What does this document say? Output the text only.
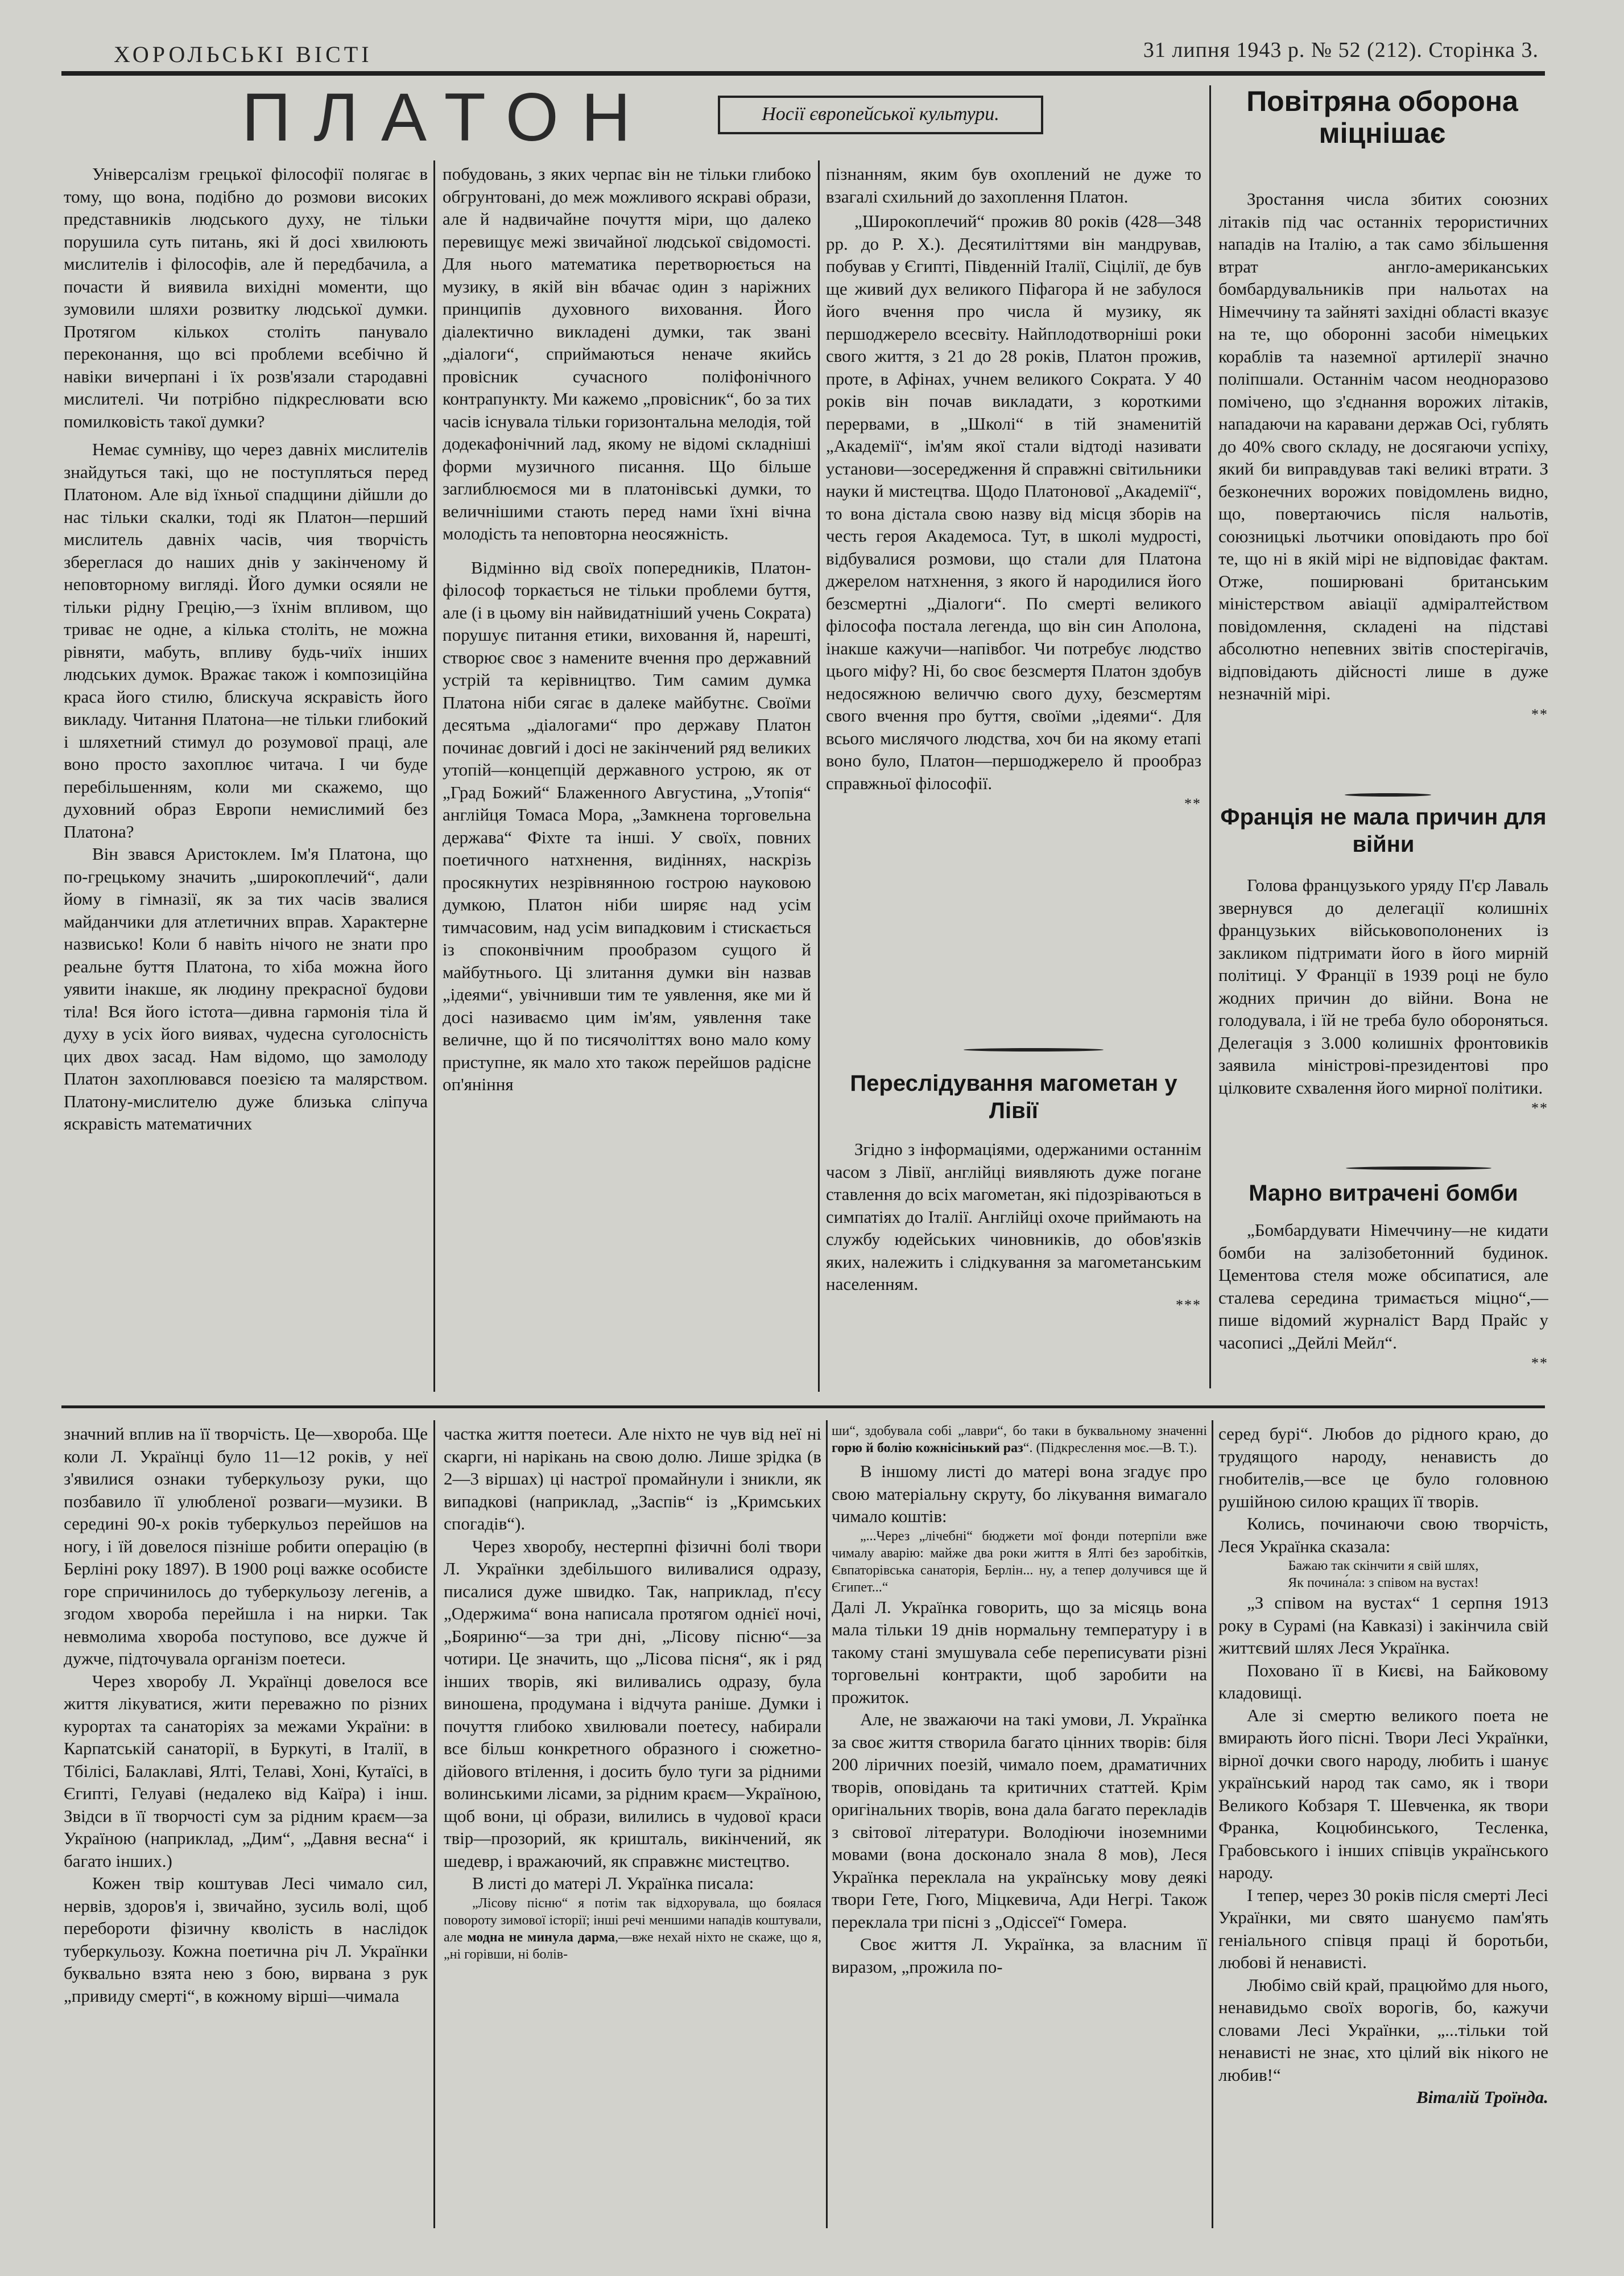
ХОРОЛЬСЬКІ ВІСТІ	31 липня 1943 р. № 52 (212). Сторінка 3.
ПЛАТОН	Носії європейської культури.

Універсалізм грецької філософії полягає в тому, що вона, подібно до розмови високих представників людського духу, не тільки порушила суть питань, які й досі хвилюють мислителів і філософів, але й передбачила, а почасти й виявила вихідні моменти, що зумовили шляхи розвитку людської думки. Протягом кількох століть панувало переконання, що всі проблеми всебічно й навіки вичерпані і їх розв'язали стародавні мислителі. Чи потрібно підкреслювати всю помилковість такої думки?

Немає сумніву, що через давніх мислителів знайдуться такі, що не поступляться перед Платоном. Але від їхньої спадщини дійшли до нас тільки скалки, тоді як Платон—перший мислитель давніх часів, чия творчість збереглася до наших днів у закінченому й неповторному вигляді. Його думки осяяли не тільки рідну Грецію,—з їхнім впливом, що триває не одне, а кілька століть, не можна рівняти, мабуть, впливу будь-чиїх інших людських думок. Вражає також і композиційна краса його стилю, блискуча яскравість його викладу. Читання Платона—не тільки глибокий і шляхетний стимул до розумової праці, але воно просто захоплює читача. І чи буде перебільшенням, коли ми скажемо, що духовний образ Европи немислимий без Платона?

Він звався Аристоклем. Ім'я Платона, що по-грецькому значить „широкоплечий“, дали йому в гімназії, як за тих часів звалися майданчики для атлетичних вправ. Характерне назвисько! Коли б навіть нічого не знати про реальне буття Платона, то хіба можна його уявити інакше, як людину прекрасної будови тіла! Вся його істота—дивна гармонія тіла й духу в усіх його виявах, чудесна суголосність цих двох засад. Нам відомо, що замолоду Платон захоплювався поезією та малярством. Платону-мислителю дуже близька сліпуча яскравість математичних

побудовань, з яких черпає він не тільки глибоко обгрунтовані, до меж можливого яскраві образи, але й надвичайне почуття міри, що далеко перевищує межі звичайної людської свідомості. Для нього математика перетворюється на музику, в якій він вбачає один з наріжних принципів духовного виховання. Його діалектично викладені думки, так звані „діалоги“, сприймаються неначе якийсь провісник сучасного поліфонічного контрапункту. Ми кажемо „провісник“, бо за тих часів існувала тільки горизонтальна мелодія, той додекафонічний лад, якому не відомі складніші форми музичного писання. Що більше заглиблюємося ми в платонівські думки, то величнішими стають перед нами їхні вічна молодість та неповторна неосяжність.

Відмінно від своїх попередників, Платон-філософ торкається не тільки проблеми буття, але (і в цьому він найвидатніший учень Сократа) порушує питання етики, виховання й, нарешті, створює своє з намените вчення про державний устрій та керівництво. Тим самим думка Платона ніби сягає в далеке майбутнє. Своїми десятьма „діалогами“ про державу Платон починає довгий і досі не закінчений ряд великих утопій—концепцій державного устрою, як от „Град Божий“ Блаженного Августина, „Утопія“ англійця Томаса Мора, „Замкнена торговельна держава“ Фіхте та інші. У своїх, повних поетичного натхнення, видіннях, наскрізь просякнутих незрівнянною гострою науковою думкою, Платон ніби ширяє над усім тимчасовим, над усім випадковим і стискається із споконвічним прообразом сущого й майбутнього. Ці злитання думки він назвав „ідеями“, увічнивши тим те уявлення, яке ми й досі називаємо цим ім'ям, уявлення таке величне, що й по тисячоліттях воно мало кому приступне, як мало хто також перейшов радісне оп'яніння

пізнанням, яким був охоплений не дуже то взагалі схильний до захоплення Платон.

„Широкоплечий“ прожив 80 років (428—348 рр. до Р. Х.). Десятиліттями він мандрував, побував у Єгипті, Південній Італії, Сіцілії, де був ще живий дух великого Піфагора й не забулося його вчення про числа й музику, як першоджерело всесвіту. Найплодотворніші роки свого життя, з 21 до 28 років, Платон прожив, проте, в Афінах, учнем великого Сократа. У 40 років він почав викладати, з короткими перервами, в „Школі“ в тій знаменитій „Академії“, ім'ям якої стали відтоді називати установи—зосередження й справжні світильники науки й мистецтва. Щодо Платонової „Академії“, то вона дістала свою назву від місця зборів на честь героя Академоса. Тут, в школі мудрості, відбувалися розмови, що стали для Платона джерелом натхнення, з якого й народилися його безсмертні „Діалоги“. По смерті великого філософа постала легенда, що він син Аполона, інакше кажучи—напівбог. Чи потребує людство цього міфу? Ні, бо своє безсмертя Платон здобув недосяжною величчю свого духу, безсмертям свого вчення про буття, своїми „ідеями“. Для всього мислячого людства, хоч би на якому етапі воно було, Платон—першоджерело й прообраз справжньої філософії.

**
Переслідування магометан у Лівії

Згідно з інформаціями, одержаними останнім часом з Лівії, англійці виявляють дуже погане ставлення до всіх магометан, які підозріваються в симпатіях до Італії. Англійці охоче приймають на службу юдейських чиновників, до обов'язків яких, належить і слідкування за магометанським населенням.

***
Повітряна оборона міцнішає

Зростання числа збитих союзних літаків під час останніх терористичних нападів на Італію, а так само збільшення втрат англо-американських бомбардувальників при нальотах на Німеччину та зайняті західні області вказує на те, що оборонні засоби німецьких кораблів та наземної артилерії значно поліпшали. Останнім часом неодноразово помічено, що з'єднання ворожих літаків, нападаючи на каравани держав Осі, гублять до 40% свого складу, не досягаючи успіху, який би виправдував такі великі втрати. З безконечних ворожих повідомлень видно, що, повертаючись після нальотів, союзницькі льотчики оповідають про бої те, що ні в якій мірі не відповідає фактам. Отже, поширювані британським міністерством авіації адміралтейством повідомлення, складені на підставі абсолютно непевних звітів спостерігачів, відповідають дійсності лише в дуже незначній мірі.

**
Франція не мала причин для війни

Голова французького уряду П'єр Лаваль звернувся до делегації колишніх французьких військовополонених із закликом підтримати його в його мирній політиці. У Франції в 1939 році не було жодних причин до війни. Вона не голодувала, і їй не треба було обороняться. Делегація з 3.000 колишніх фронтовиків заявила міністрові-президентові про цілковите схвалення його мирної політики.

**
Марно витрачені бомби

„Бомбардувати Німеччину—не кидати бомби на залізобетонний будинок. Цементова стеля може обсипатися, але сталева середина тримається міцно“,—пише відомий журналіст Вард Прайс у часописі „Дейлі Мейл“.

**

значний вплив на її творчість. Це—хвороба. Ще коли Л. Українці було 11—12 років, у неї з'явилися ознаки туберкульозу руки, що позбавило її улюбленої розваги—музики. В середині 90-х років туберкульоз перейшов на ногу, і їй довелося пізніше робити операцію (в Берліні року 1897). В 1900 році важке особисте горе спричинилось до туберкульозу легенів, а згодом хвороба перейшла і на нирки. Так невмолима хвороба поступово, все дужче й дужче, підточувала організм поетеси.

Через хворобу Л. Українці довелося все життя лікуватися, жити переважно по різних курортах та санаторіях за межами України: в Карпатській санаторії, в Буркуті, в Італії, в Тбілісі, Балаклаві, Ялті, Телаві, Хоні, Кутаїсі, в Єгипті, Гелуаві (недалеко від Каїра) і інш. Звідси в її творчості сум за рідним краєм—за Україною (наприклад, „Дим“, „Давня весна“ і багато інших.)

Кожен твір коштував Лесі чимало сил, нервів, здоров'я і, звичайно, зусиль волі, щоб перебороти фізичну кволість в наслідок туберкульозу. Кожна поетична річ Л. Українки буквально взята нею з бою, вирвана з рук „привиду смерті“, в кожному вірші—чимала

частка життя поетеси. Але ніхто не чув від неї ні скарги, ні нарікань на свою долю. Лише зрідка (в 2—3 віршах) ці настрої промайнули і зникли, як випадкові (наприклад, „Заспів“ із „Кримських спогадів“).

Через хворобу, нестерпні фізичні болі твори Л. Українки здебільшого виливалися одразу, писалися дуже швидко. Так, наприклад, п'єсу „Одержима“ вона написала протягом однієї ночі, „Бояриню“—за три дні, „Лісову пісню“—за чотири. Це значить, що „Лісова пісня“, як і ряд інших творів, які виливались одразу, була виношена, продумана і відчута раніше. Думки і почуття глибоко хвилювали поетесу, набирали все більш конкретного образного і сюжетно-дійового втілення, і досить було туги за рідними волинськими лісами, за рідним краєм—Україною, щоб вони, ці образи, вилились в чудової краси твір—прозорий, як кришталь, викінчений, як шедевр, і вражаючий, як справжнє мистецтво.

В листі до матері Л. Українка писала:

„Лісову пісню“ я потім так відхорувала, що боялася повороту зимової історії; інші речі меншими нападів коштували, але модна не минула дарма,—вже нехай ніхто не скаже, що я, „ні горівши, ні болів-

ши“, здобувала собі „лаври“, бо таки в буквальному значенні горю й болію кожнісінький раз“. (Підкреслення моє.—В. Т.).

В іншому листі до матері вона згадує про свою матеріальну скруту, бо лікування вимагало чимало коштів:

„...Через „лічебні“ бюджети мої фонди потерпіли вже чималу аварію: майже два роки життя в Ялті без заробітків, Євпаторівська санаторія, Берлін... ну, а тепер долучився ще й Єгипет...“

Далі Л. Українка говорить, що за місяць вона мала тільки 19 днів нормальну температуру і в такому стані змушувала себе переписувати різні торговельні контракти, щоб заробити на прожиток.

Але, не зважаючи на такі умови, Л. Українка за своє життя створила багато цінних творів: біля 200 ліричних поезій, чимало поем, драматичних творів, оповідань та критичних статтей. Крім оригінальних творів, вона дала багато перекладів з світової літератури. Володіючи іноземними мовами (вона досконало знала 8 мов), Леся Українка переклала на українську мову деякі твори Гете, Гюго, Міцкевича, Ади Негрі. Також переклала три пісні з „Одіссеї“ Гомера.

Своє життя Л. Українка, за власним її виразом, „прожила по-

серед бурі“. Любов до рідного краю, до трудящого народу, ненависть до гнобителів,—все це було головною рушійною силою кращих її творів.

Колись, починаючи свою творчість, Леся Українка сказала:

Бажаю так скінчити я свій шлях,

Як почина́ла: з співом на вустах!

„З співом на вустах“ 1 серпня 1913 року в Сурамі (на Кавказі) і закінчила свій життєвий шлях Леся Українка.

Поховано її в Києві, на Байковому кладовищі.

Але зі смертю великого поета не вмирають його пісні. Твори Лесі Українки, вірної дочки свого народу, любить і шанує український народ так само, як і твори Великого Кобзаря Т. Шевченка, як твори Франка, Коцюбинського, Тесленка, Грабовського і інших співців українського народу.

І тепер, через 30 років після смерті Лесі Українки, ми свято шануємо пам'ять геніального співця праці й боротьби, любові й ненависті.

Любімо свій край, працюймо для нього, ненавидьмо своїх ворогів, бо, кажучи словами Лесі Українки, „...тільки той ненависті не знає, хто цілий вік нікого не любив!“

Віталій Троїнда.
